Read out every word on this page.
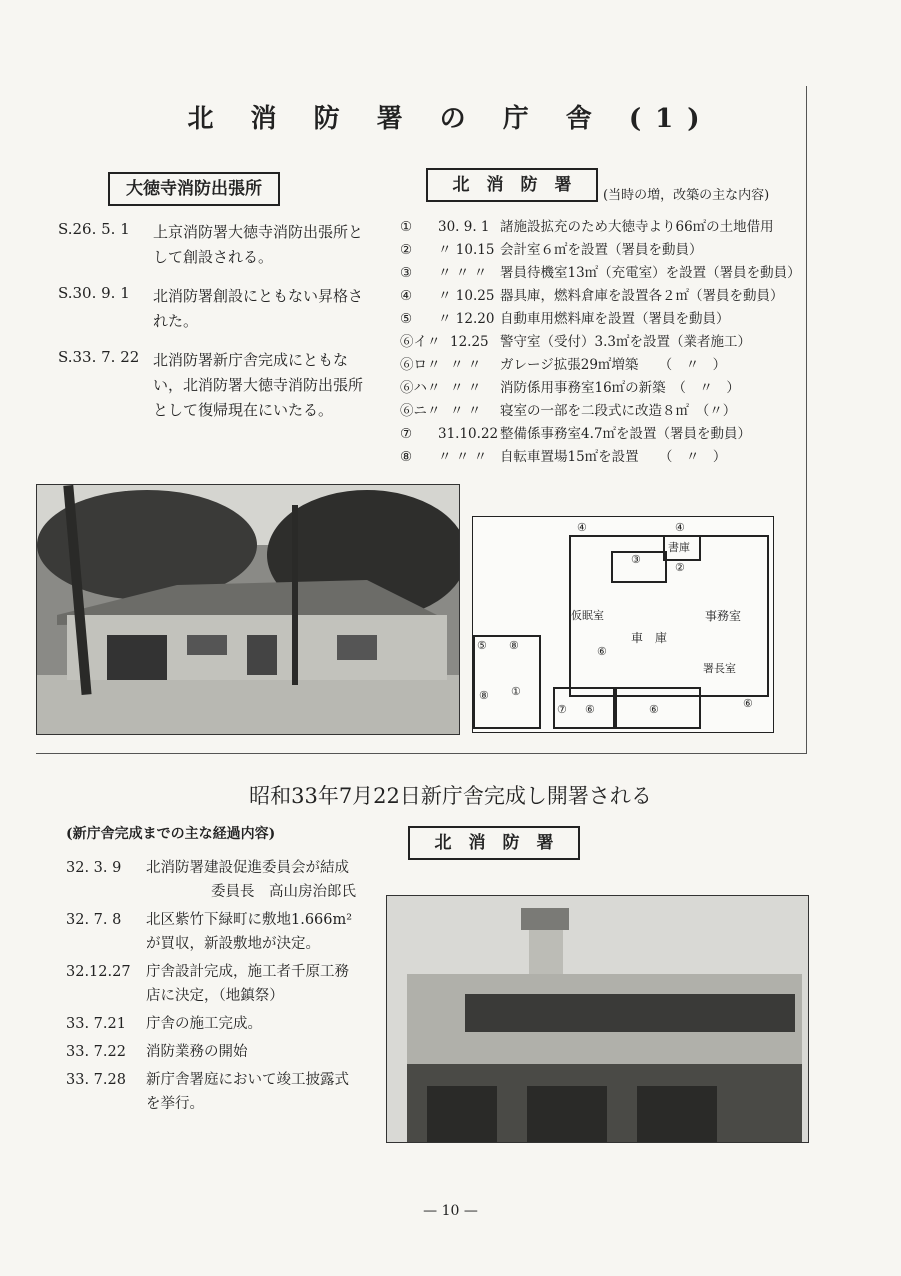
北 消 防 署 の 庁 舎 (1)
大徳寺消防出張所
S.26. 5. 1	上京消防署大徳寺消防出張所として創設される。
S.30. 9. 1	北消防署創設にともない昇格された。
S.33. 7. 22 北消防署新庁舎完成にともない，北消防署大徳寺消防出張所として復帰現在にいたる。
北　消　防　署
(当時の増，改築の主な内容)
① 30. 9. 1 諸施設拡充のため大徳寺より66㎡の土地借用
② 〃 10.15 会計室６㎡を設置（署員を動員）
③ 〃 〃 〃 署員待機室13㎡（充電室）を設置（署員を動員）
④ 〃 10.25 器具庫，燃料倉庫を設置各２㎡（署員を動員）
⑤ 〃 12.20 自動車用燃料庫を設置（署員を動員）
⑥イ〃 12.25 警守室（受付）3.3㎡を設置（業者施工）
⑥ロ〃 〃 〃 ガレージ拡張29㎡増築　　（　〃　）
⑥ハ〃 〃 〃 消防係用事務室16㎡の新築　（　〃　）
⑥ニ〃 〃 〃 寝室の一部を二段式に改造８㎡　（〃）
⑦ 31.10.22 整備係事務室4.7㎡を設置（署員を動員）
⑧ 〃 〃 〃 自転車置場15㎡を設置　　（　〃　）
書庫
事務室
仮眠室
車　庫
署長室
①
②
③
④	④
⑤ ⑧
⑧
⑥
⑥	⑥	⑥
⑦
昭和33年7月22日新庁舎完成し開署される
(新庁舎完成までの主な経過内容)	北　消　防　署
32. 3. 9	北消防署建設促進委員会が結成
委員長　高山房治郎氏
32. 7. 8	北区紫竹下緑町に敷地1.666m²
が買収，新設敷地が決定。
32.12.27	庁舎設計完成，施工者千原工務
店に決定，（地鎮祭）
33. 7.21	庁舎の施工完成。
33. 7.22	消防業務の開始
33. 7.28	新庁舎署庭において竣工披露式
を挙行。
— 10 —
